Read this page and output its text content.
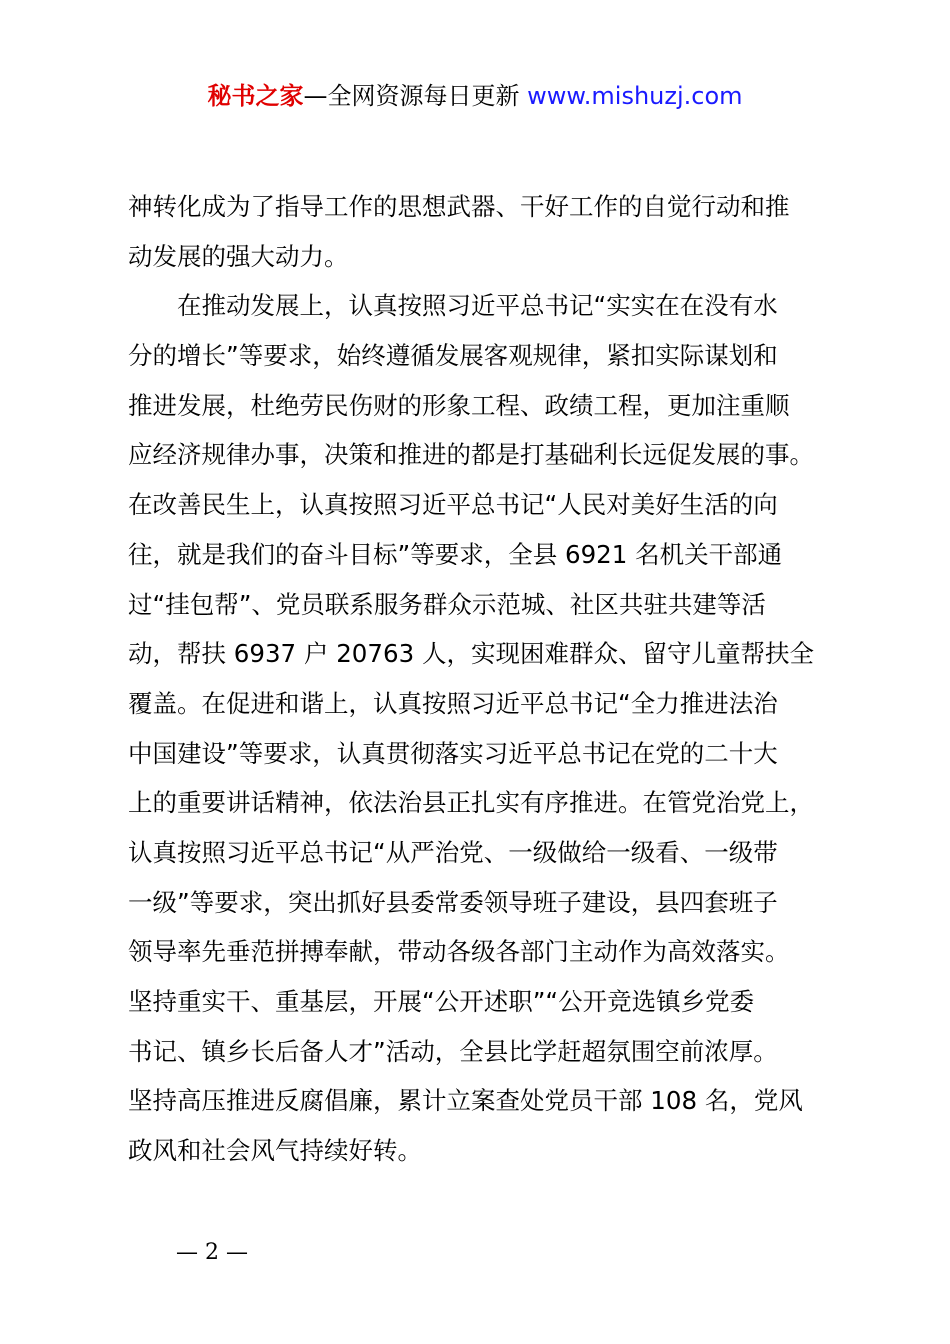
秘书之家—全网资源每日更新 www.mishuzj.com
神转化成为了指导工作的思想武器、干好工作的自觉行动和推
动发展的强大动力。
　　在推动发展上，认真按照习近平总书记“实实在在没有水
分的增长”等要求，始终遵循发展客观规律，紧扣实际谋划和
推进发展，杜绝劳民伤财的形象工程、政绩工程，更加注重顺
应经济规律办事，决策和推进的都是打基础利长远促发展的事。
在改善民生上，认真按照习近平总书记“人民对美好生活的向
往，就是我们的奋斗目标”等要求，全县 6921 名机关干部通
过“挂包帮”、党员联系服务群众示范城、社区共驻共建等活
动，帮扶 6937 户 20763 人，实现困难群众、留守儿童帮扶全
覆盖。在促进和谐上，认真按照习近平总书记“全力推进法治
中国建设”等要求，认真贯彻落实习近平总书记在党的二十大
上的重要讲话精神，依法治县正扎实有序推进。在管党治党上，
认真按照习近平总书记“从严治党、一级做给一级看、一级带
一级”等要求，突出抓好县委常委领导班子建设，县四套班子
领导率先垂范拼搏奉献，带动各级各部门主动作为高效落实。
坚持重实干、重基层，开展“公开述职”“公开竞选镇乡党委
书记、镇乡长后备人才”活动，全县比学赶超氛围空前浓厚。
坚持高压推进反腐倡廉，累计立案查处党员干部 108 名，党风
政风和社会风气持续好转。
— 2 —
